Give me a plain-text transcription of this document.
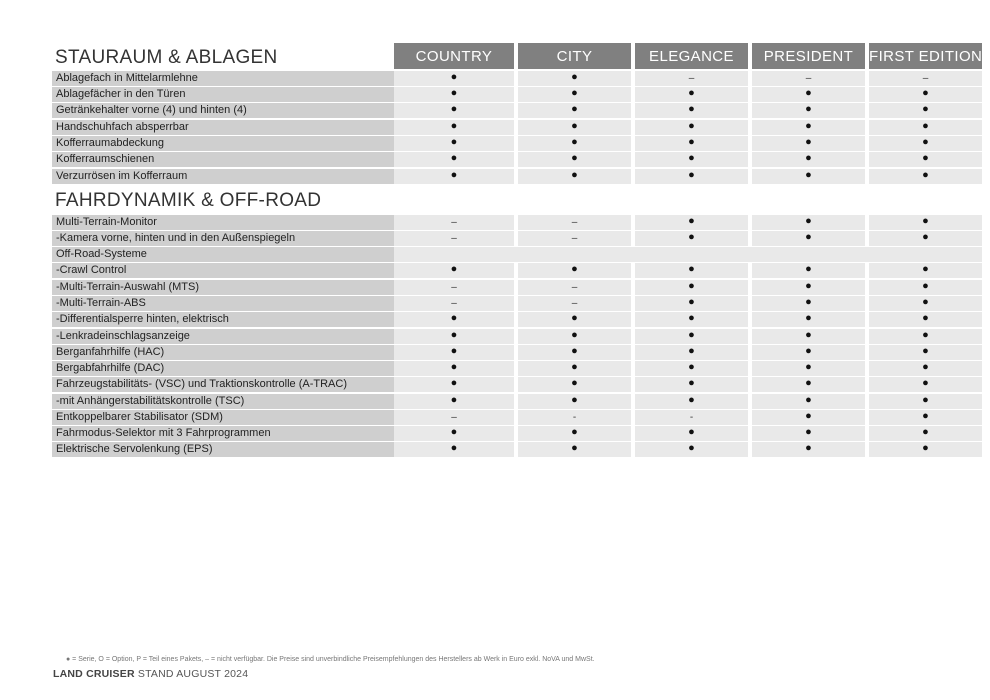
STAURAUM & ABLAGEN
FAHRDYNAMIK & OFF-ROAD
COUNTRY	CITY	ELEGANCE	PRESIDENT	FIRST EDITION
Ablagefach in Mittelarmlehne	●	●	–	–	–
Ablagefächer in den Türen	●	●	●	●	●
Getränkehalter vorne (4) und hinten (4)	●	●	●	●	●
Handschuhfach absperrbar	●	●	●	●	●
Kofferraumabdeckung	●	●	●	●	●
Kofferraumschienen	●	●	●	●	●
Verzurrösen im Kofferraum	●	●	●	●	●
Multi-Terrain-Monitor	–	–	●	●	●
-Kamera vorne, hinten und in den Außenspiegeln	–	–	●	●	●
Off-Road-Systeme
-Crawl Control	●	●	●	●	●
-Multi-Terrain-Auswahl (MTS)	–	–	●	●	●
-Multi-Terrain-ABS	–	–	●	●	●
-Differentialsperre hinten, elektrisch	●	●	●	●	●
-Lenkradeinschlagsanzeige	●	●	●	●	●
Berganfahrhilfe (HAC)	●	●	●	●	●
Bergabfahrhilfe (DAC)	●	●	●	●	●
Fahrzeugstabilitäts- (VSC) und Traktionskontrolle (A-TRAC)	●	●	●	●	●
-mit Anhängerstabilitätskontrolle (TSC)	●	●	●	●	●
Entkoppelbarer Stabilisator (SDM)	–	-	-	●	●
Fahrmodus-Selektor mit 3 Fahrprogrammen	●	●	●	●	●
Elektrische Servolenkung (EPS)	●	●	●	●	●
● = Serie, O = Option, P = Teil eines Pakets, – = nicht verfügbar. Die Preise sind unverbindliche Preisempfehlungen des Herstellers ab Werk in Euro exkl. NoVA und MwSt.
LAND CRUISER STAND AUGUST 2024
